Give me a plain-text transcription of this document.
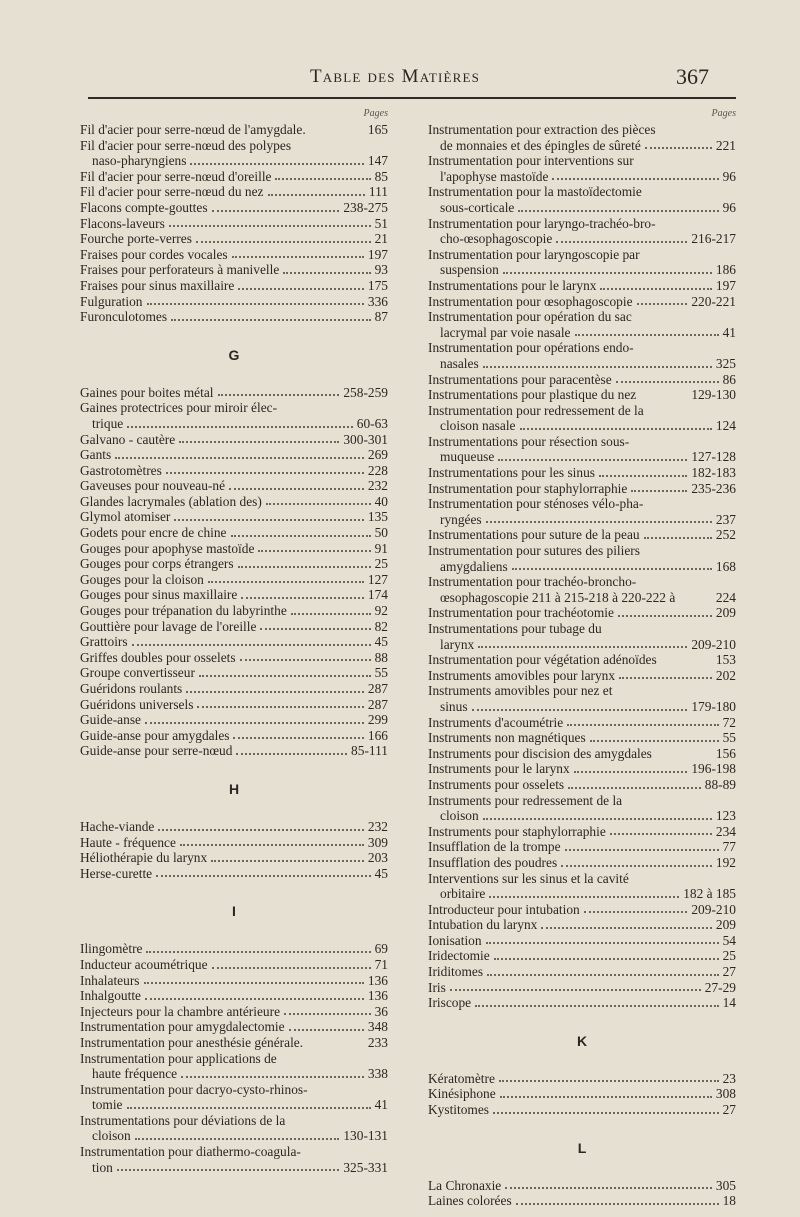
Table des Matières	367
Pages
Fil d'acier pour serre-nœud de l'amygdale.	165
Fil d'acier pour serre-nœud des polypes
naso-pharyngiens	147
Fil d'acier pour serre-nœud d'oreille	85
Fil d'acier pour serre-nœud du nez	111
Flacons compte-gouttes	238-275
Flacons-laveurs	51
Fourche porte-verres	21
Fraises pour cordes vocales	197
Fraises pour perforateurs à manivelle	93
Fraises pour sinus maxillaire	175
Fulguration	336
Furonculotomes	87
G
Gaines pour boites métal	258-259
Gaines protectrices pour miroir élec-
trique	60-63
Galvano - cautère	300-301
Gants	269
Gastrotomètres	228
Gaveuses pour nouveau-né	232
Glandes lacrymales (ablation des)	40
Glymol atomiser	135
Godets pour encre de chine	50
Gouges pour apophyse mastoïde	91
Gouges pour corps étrangers	25
Gouges pour la cloison	127
Gouges pour sinus maxillaire	174
Gouges pour trépanation du labyrinthe	92
Gouttière pour lavage de l'oreille	82
Grattoirs	45
Griffes doubles pour osselets	88
Groupe convertisseur	55
Guéridons roulants	287
Guéridons universels	287
Guide-anse	299
Guide-anse pour amygdales	166
Guide-anse pour serre-nœud	85-111
H
Hache-viande	232
Haute - fréquence	309
Héliothérapie du larynx	203
Herse-curette	45
I
Ilingomètre	69
Inducteur acoumétrique	71
Inhalateurs	136
Inhalgoutte	136
Injecteurs pour la chambre antérieure	36
Instrumentation pour amygdalectomie	348
Instrumentation pour anesthésie générale.	233
Instrumentation pour applications de
haute fréquence	338
Instrumentation pour dacryo-cysto-rhinos-
tomie	41
Instrumentations pour déviations de la
cloison	130-131
Instrumentation pour diathermo-coagula-
tion	325-331
Pages
Instrumentation pour extraction des pièces
de monnaies et des épingles de sûreté	221
Instrumentation pour interventions sur
l'apophyse mastoïde	96
Instrumentation pour la mastoïdectomie
sous-corticale	96
Instrumentation pour laryngo-trachéo-bro-
cho-œsophagoscopie	216-217
Instrumentation pour laryngoscopie par
suspension	186
Instrumentations pour le larynx	197
Instrumentation pour œsophagoscopie	220-221
Instrumentation pour opération du sac
lacrymal par voie nasale	41
Instrumentation pour opérations endo-
nasales	325
Instrumentations pour paracentèse	86
Instrumentations pour plastique du nez	129-130
Instrumentation pour redressement de la
cloison nasale	124
Instrumentations pour résection sous-
muqueuse	127-128
Instrumentations pour les sinus	182-183
Instrumentation pour staphylorraphie	235-236
Instrumentation pour sténoses vélo-pha-
ryngées	237
Instrumentations pour suture de la peau	252
Instrumentation pour sutures des piliers
amygdaliens	168
Instrumentation pour trachéo-broncho-
œsophagoscopie 211 à 215-218 à 220-222 à	224
Instrumentation pour trachéotomie	209
Instrumentations pour tubage du
larynx	209-210
Instrumentation pour végétation adénoïdes	153
Instruments amovibles pour larynx	202
Instruments amovibles pour nez et
sinus	179-180
Instruments d'acoumétrie	72
Instruments non magnétiques	55
Instruments pour discision des amygdales	156
Instruments pour le larynx	196-198
Instruments pour osselets	88-89
Instruments pour redressement de la
cloison	123
Instruments pour staphylorraphie	234
Insufflation de la trompe	77
Insufflation des poudres	192
Interventions sur les sinus et la cavité
orbitaire	182 à 185
Introducteur pour intubation	209-210
Intubation du larynx	209
Ionisation	54
Iridectomie	25
Iriditomes	27
Iris	27-29
Iriscope	14
K
Kératomètre	23
Kinésiphone	308
Kystitomes	27
L
La Chronaxie	305
Laines colorées	18
